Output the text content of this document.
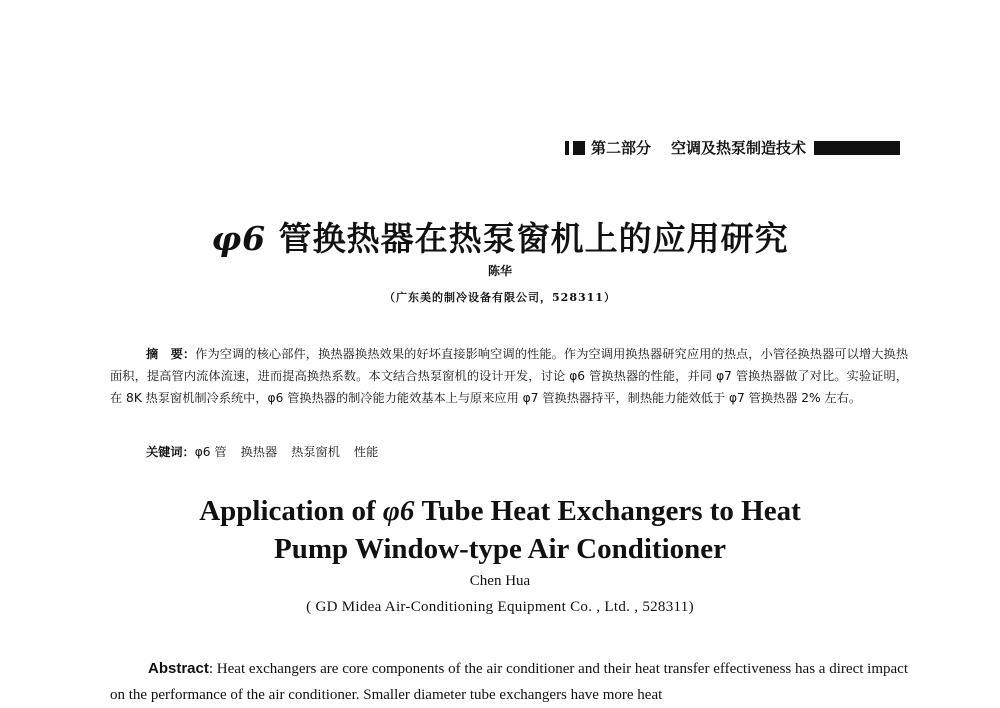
第二部分 空调及热泵制造技术
φ6 管换热器在热泵窗机上的应用研究
陈华
（广东美的制冷设备有限公司，528311）
摘　要：作为空调的核心部件，换热器换热效果的好坏直接影响空调的性能。作为空调用换热器研究应用的热点，小管径换热器可以增大换热面积，提高管内流体流速，进而提高换热系数。本文结合热泵窗机的设计开发，讨论 φ6 管换热器的性能，并同 φ7 管换热器做了对比。实验证明，在 8K 热泵窗机制冷系统中，φ6 管换热器的制冷能力能效基本上与原来应用 φ7 管换热器持平，制热能力能效低于 φ7 管换热器 2% 左右。
关键词：φ6 管 换热器 热泵窗机 性能
Application of φ6 Tube Heat Exchangers to Heat
Pump Window-type Air Conditioner
Chen Hua
( GD Midea Air-Conditioning Equipment Co. , Ltd. , 528311)
Abstract: Heat exchangers are core components of the air conditioner and their heat transfer effectiveness has a direct impact on the performance of the air conditioner. Smaller diameter tube exchangers have more heat
